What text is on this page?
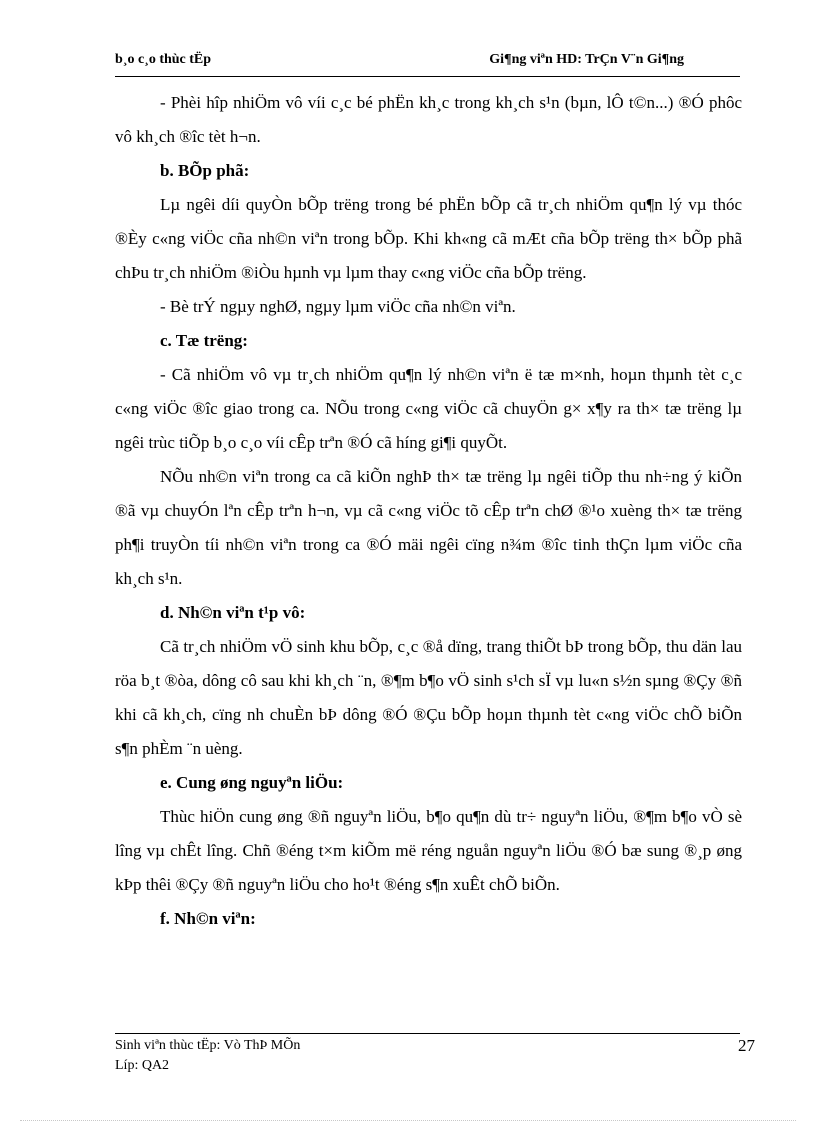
b¸o c¸o thùc tËp	Gi¶ng viªn HD: TrÇn V¨n Gi¶ng

- Phèi hîp nhiÖm vô víi c¸c bé phËn kh¸c trong kh¸ch s¹n (bµn, lÔ t©n...) ®Ó phôc vô kh¸ch ®îc tèt h¬n.

b. BÕp phã:

Lµ ngêi díi quyÒn bÕp trëng trong bé phËn bÕp cã tr¸ch nhiÖm qu¶n lý vµ thóc ®Èy c«ng viÖc cña nh©n viªn trong bÕp. Khi kh«ng cã mÆt cña bÕp trëng th× bÕp phã chÞu tr¸ch nhiÖm ®iÒu hµnh vµ lµm thay c«ng viÖc cña bÕp trëng.

- Bè trÝ ngµy nghØ, ngµy lµm viÖc cña nh©n viªn.

c. Tæ trëng:

- Cã nhiÖm vô vµ tr¸ch nhiÖm qu¶n lý nh©n viªn ë tæ m×nh, hoµn thµnh tèt c¸c c«ng viÖc ®îc giao trong ca. NÕu trong c«ng viÖc cã chuyÖn g× x¶y ra th× tæ trëng lµ ngêi trùc tiÕp b¸o c¸o víi cÊp trªn ®Ó cã híng gi¶i quyÕt.

NÕu nh©n viªn trong ca cã kiÕn nghÞ th× tæ trëng lµ ngêi tiÕp thu nh÷ng ý kiÕn ®ã vµ chuyÓn lªn cÊp trªn h¬n, vµ cã c«ng viÖc tõ cÊp trªn chØ ®¹o xuèng th× tæ trëng ph¶i truyÒn tíi nh©n viªn trong ca ®Ó mäi ngêi cïng n¾m ®îc tinh thÇn lµm viÖc cña kh¸ch s¹n.

d. Nh©n viªn t¹p vô:

Cã tr¸ch nhiÖm vÖ sinh khu bÕp, c¸c ®å dïng, trang thiÕt bÞ trong bÕp, thu dän lau röa b¸t ®òa, dông cô sau khi kh¸ch ¨n, ®¶m b¶o vÖ sinh s¹ch sÏ vµ lu«n s½n sµng ®Çy ®ñ khi cã kh¸ch, cïng nh chuÈn bÞ dông ®Ó ®Çu bÕp hoµn thµnh tèt c«ng viÖc chÕ biÕn s¶n phÈm ¨n uèng.

e. Cung øng nguyªn liÖu:

Thùc hiÖn cung øng ®ñ nguyªn liÖu, b¶o qu¶n dù tr÷ nguyªn liÖu, ®¶m b¶o vÒ sè lîng vµ chÊt lîng. Chñ ®éng t×m kiÕm më réng nguån nguyªn liÖu ®Ó bæ sung ®¸p øng kÞp thêi ®Çy ®ñ nguyªn liÖu cho ho¹t ®éng s¶n xuÊt chÕ biÕn.

f. Nh©n viªn:

Sinh viªn thùc tËp: Vò ThÞ MÕn
Líp: QA2
27
